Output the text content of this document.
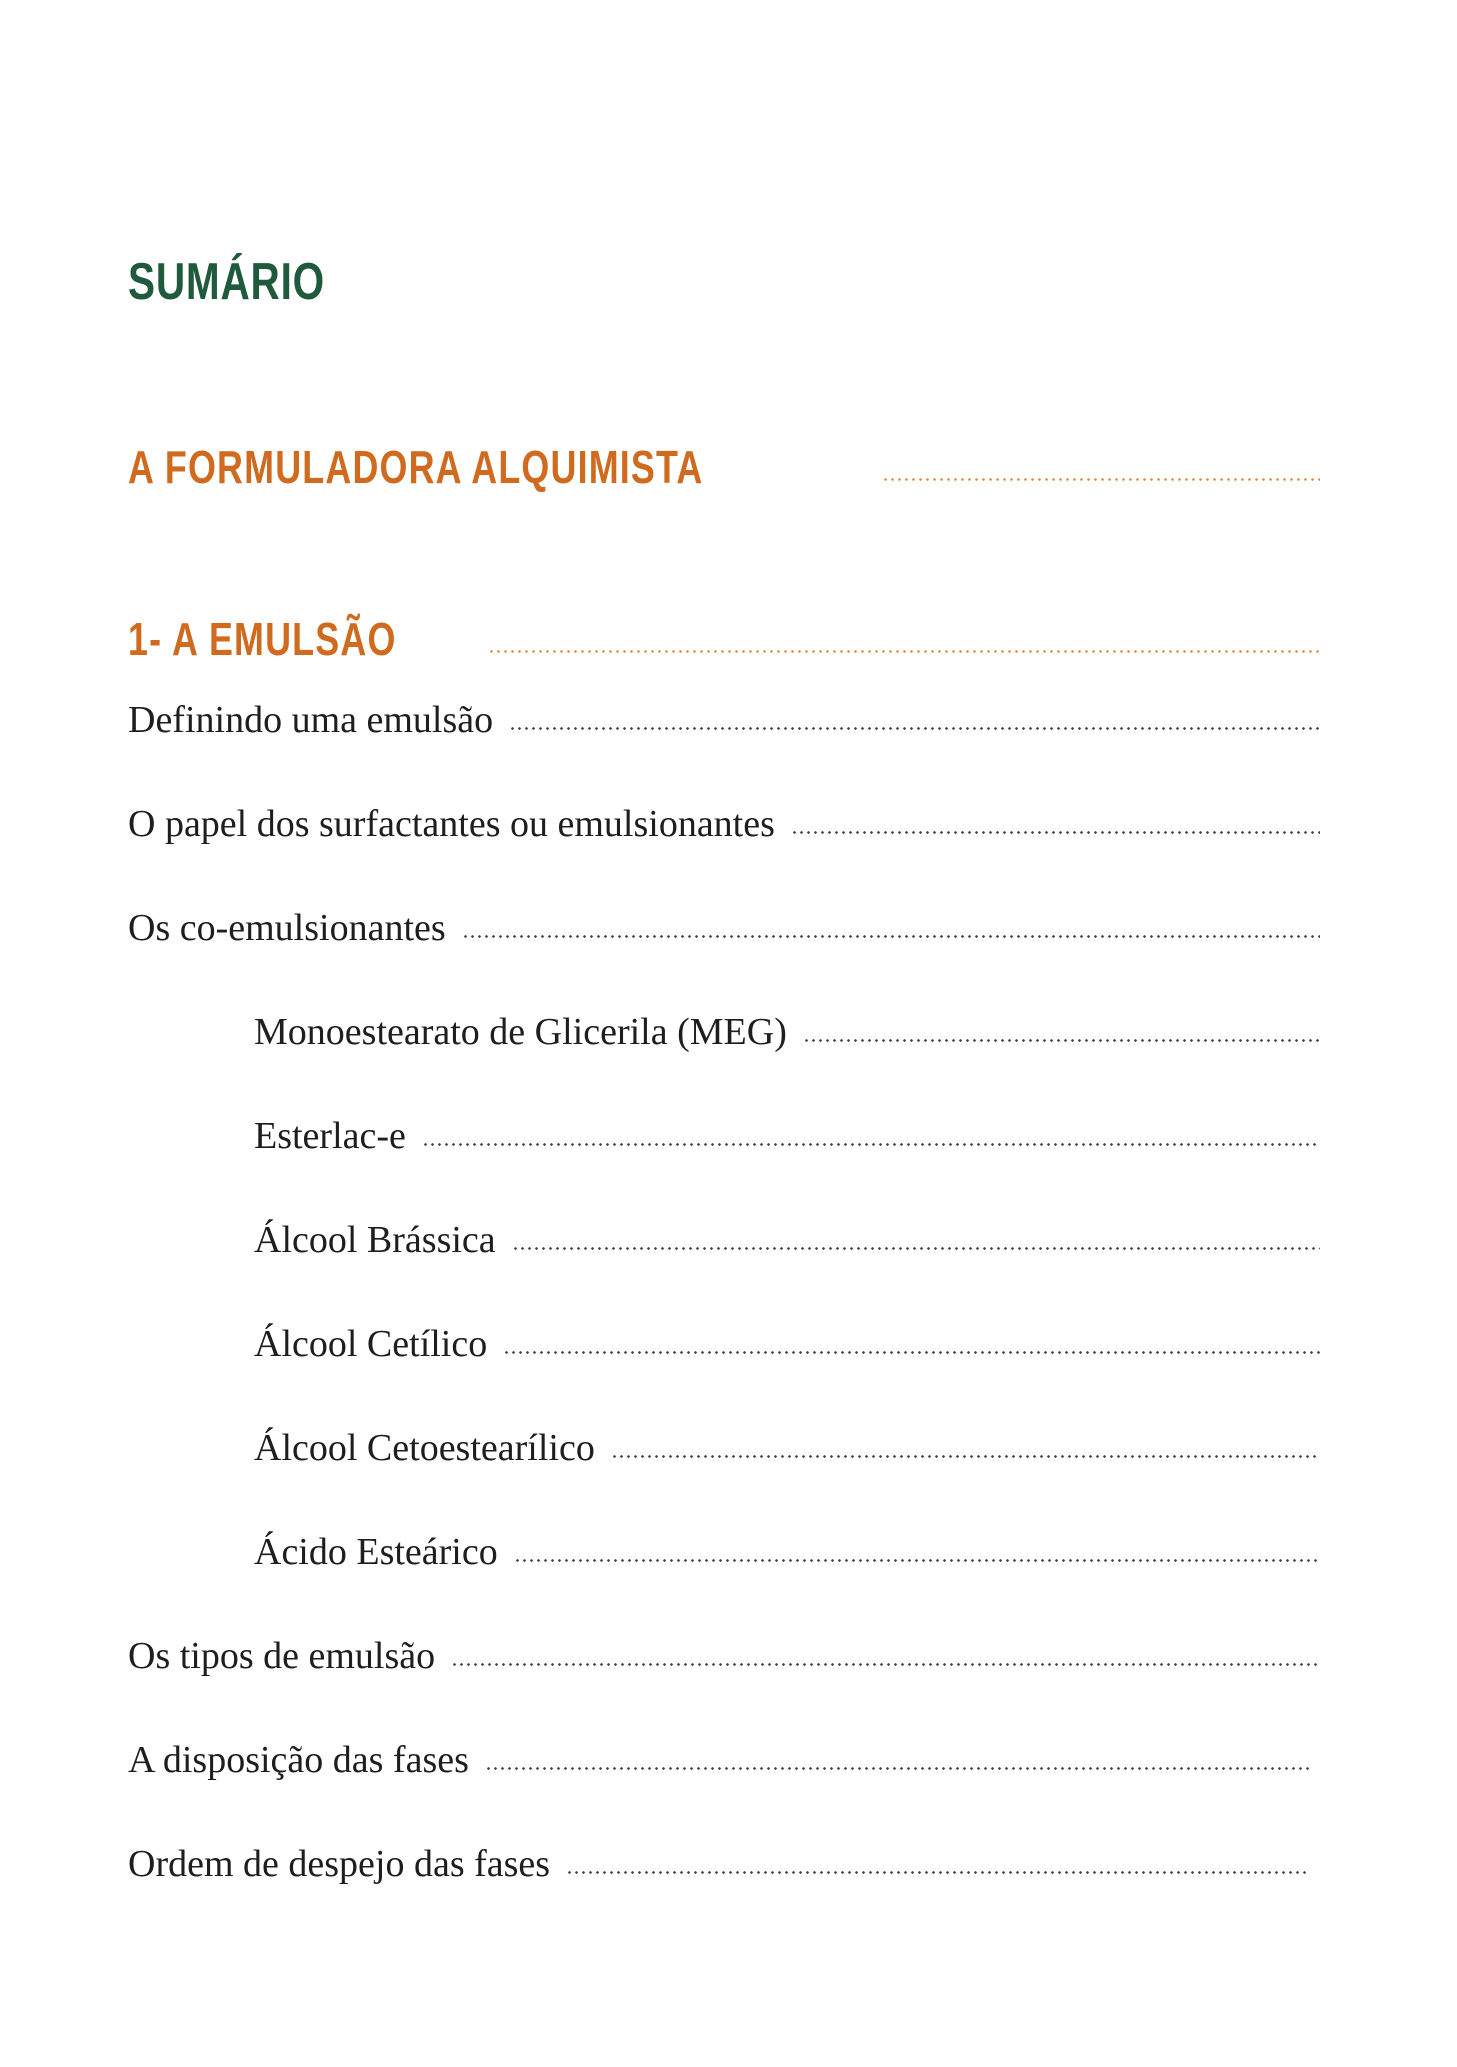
SUMÁRIO
A FORMULADORA ALQUIMISTA
1- A EMULSÃO
Definindo uma emulsão
O papel dos surfactantes ou emulsionantes
Os co-emulsionantes
Monoestearato de Glicerila (MEG)
Esterlac-e
Álcool Brássica
Álcool Cetílico
Álcool Cetoestearílico
Ácido Esteárico
Os tipos de emulsão
A disposição das fases
Ordem de despejo das fases
